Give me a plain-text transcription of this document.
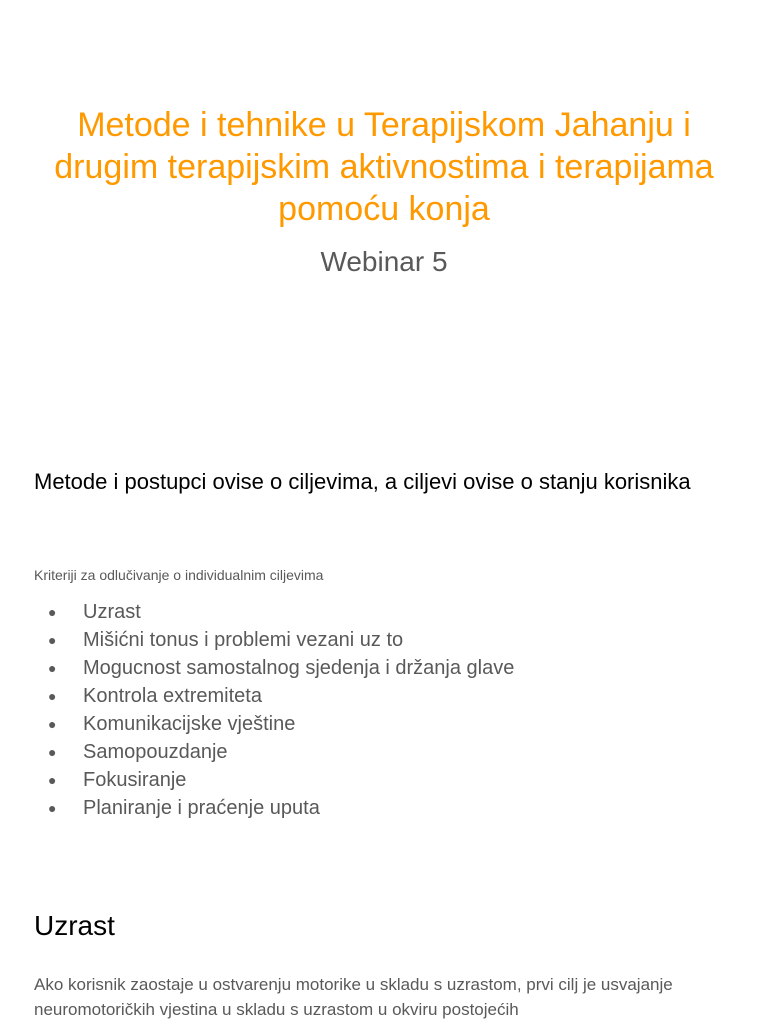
Metode i tehnike u Terapijskom Jahanju i drugim terapijskim aktivnostima i terapijama pomoću konja
Webinar 5
Metode i postupci ovise o ciljevima, a ciljevi ovise o stanju korisnika
Kriteriji za odlučivanje o individualnim ciljevima
●	Uzrast
●	Mišićni tonus i problemi vezani uz to
●	Mogucnost samostalnog sjedenja i držanja glave
●	Kontrola extremiteta
●	Komunikacijske vještine
●	Samopouzdanje
●	Fokusiranje
●	Planiranje i praćenje uputa
Uzrast
Ako korisnik zaostaje u ostvarenju motorike u skladu s uzrastom, prvi cilj je usvajanje neuromotoričkih vjestina u skladu s uzrastom u okviru postojećih
